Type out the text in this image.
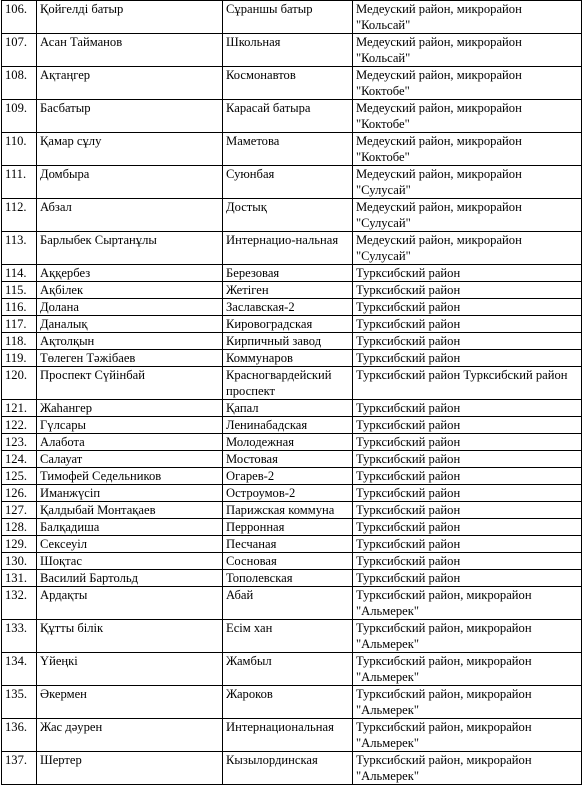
106.	Қойгелді батыр	Сұраншы батыр	Медеуский район, микрорайон "Кольсай"
107.	Асан Тайманов	Школьная	Медеуский район, микрорайон "Кольсай"
108.	Ақтаңгер	Космонавтов	Медеуский район, микрорайон "Коктобе"
109.	Басбатыр	Карасай батыра	Медеуский район, микрорайон "Коктобе"
110.	Қамар сұлу	Маметова	Медеуский район, микрорайон "Коктобе"
111.	Домбыра	Суюнбая	Медеуский район, микрорайон "Сулусай"
112.	Абзал	Достық	Медеуский район, микрорайон "Сулусай"
113.	Барлыбек Сыртанұлы	Интернацио-нальная	Медеуский район, микрорайон "Сулусай"
114.	Аққербез	Березовая	Турксибский район
115.	Ақбілек	Жетіген	Турксибский район
116.	Долана	Заславская-2	Турксибский район
117.	Даналық	Кировоградская	Турксибский район
118.	Ақтолқын	Кирпичный завод	Турксибский район
119.	Төлеген Тәжібаев	Коммунаров	Турксибский район
120.	Проспект Сүйінбай	Красногвардейский проспект	Турксибский район Турксибский район
121.	Жаһангер	Қапал	Турксибский район
122.	Гүлсары	Ленинабадская	Турксибский район
123.	Алабота	Молодежная	Турксибский район
124.	Салауат	Мостовая	Турксибский район
125.	Тимофей Седельников	Огарев-2	Турксибский район
126.	Иманжүсіп	Остроумов-2	Турксибский район
127.	Қалдыбай Монтақаев	Парижская коммуна	Турксибский район
128.	Балқадиша	Перронная	Турксибский район
129.	Сексеуіл	Песчаная	Турксибский район
130.	Шоқтас	Сосновая	Турксибский район
131.	Василий Бартольд	Тополевская	Турксибский район
132.	Ардақты	Абай	Турксибский район, микрорайон "Альмерек"
133.	Құтты білік	Есім хан	Турксибский район, микрорайон "Альмерек"
134.	Үйеңкі	Жамбыл	Турксибский район, микрорайон "Альмерек"
135.	Әкермен	Жароков	Турксибский район, микрорайон "Альмерек"
136.	Жас дәурен	Интернациональная	Турксибский район, микрорайон "Альмерек"
137.	Шертер	Кызылординская	Турксибский район, микрорайон "Альмерек"
